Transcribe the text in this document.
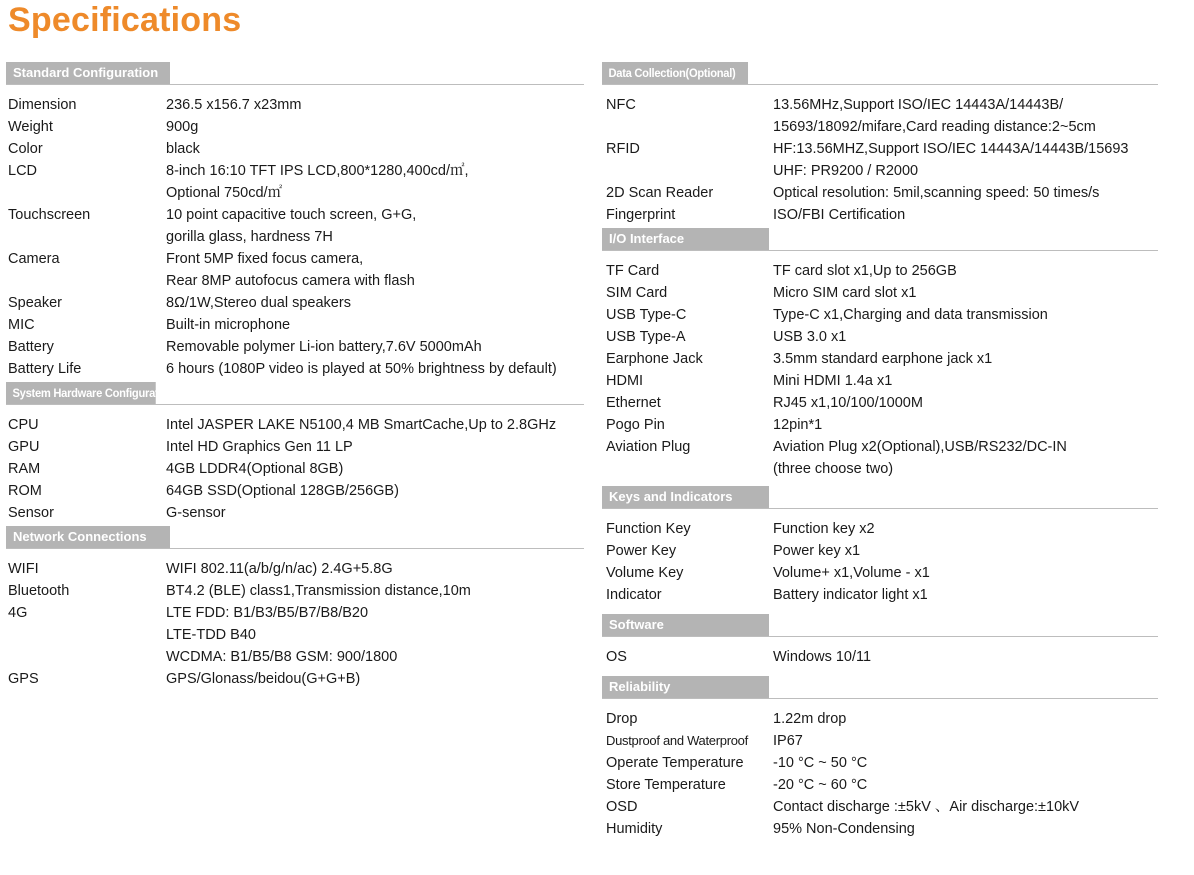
Specifications
Standard Configuration
Dimension	236.5 x156.7 x23mm
Weight	900g
Color	black
LCD	8-inch 16:10 TFT IPS LCD,800*1280,400cd/㎡,
Optional 750cd/㎡
Touchscreen	10 point capacitive touch screen, G+G,
gorilla glass, hardness 7H
Camera	Front 5MP fixed focus camera,
Rear 8MP autofocus camera with flash
Speaker	8Ω/1W,Stereo dual speakers
MIC	Built-in microphone
Battery	Removable polymer Li-ion battery,7.6V 5000mAh
Battery Life	6 hours (1080P video is played at 50% brightness by default)
System Hardware Configuration
CPU	Intel JASPER LAKE N5100,4 MB SmartCache,Up to 2.8GHz
GPU	Intel HD Graphics Gen 11 LP
RAM	4GB LDDR4(Optional 8GB)
ROM	64GB SSD(Optional 128GB/256GB)
Sensor	G-sensor
Network Connections
WIFI	WIFI 802.11(a/b/g/n/ac) 2.4G+5.8G
Bluetooth	BT4.2 (BLE) class1,Transmission distance,10m
4G	LTE FDD: B1/B3/B5/B7/B8/B20
LTE-TDD B40
WCDMA: B1/B5/B8 GSM: 900/1800
GPS	GPS/Glonass/beidou(G+G+B)
Data Collection(Optional)
NFC	13.56MHz,Support ISO/IEC 14443A/14443B/
15693/18092/mifare,Card reading distance:2~5cm
RFID	HF:13.56MHZ,Support ISO/IEC 14443A/14443B/15693
UHF: PR9200 / R2000
2D Scan Reader	Optical resolution: 5mil,scanning speed: 50 times/s
Fingerprint	ISO/FBI Certification
I/O Interface
TF Card	TF card slot x1,Up to 256GB
SIM Card	Micro SIM card slot x1
USB Type-C	Type-C x1,Charging and data transmission
USB Type-A	USB 3.0 x1
Earphone Jack	3.5mm standard earphone jack x1
HDMI	Mini HDMI 1.4a x1
Ethernet	RJ45 x1,10/100/1000M
Pogo Pin	12pin*1
Aviation Plug	Aviation Plug x2(Optional),USB/RS232/DC-IN
(three choose two)
Keys and Indicators
Function Key	Function key x2
Power Key	Power key x1
Volume Key	Volume+ x1,Volume - x1
Indicator	Battery indicator light x1
Software
OS	Windows 10/11
Reliability
Drop	1.22m drop
Dustproof and Waterproof	IP67
Operate Temperature	-10 °C ~ 50 °C
Store Temperature	-20 °C ~ 60 °C
OSD	Contact discharge :±5kV 、Air discharge:±10kV
Humidity	95% Non-Condensing
